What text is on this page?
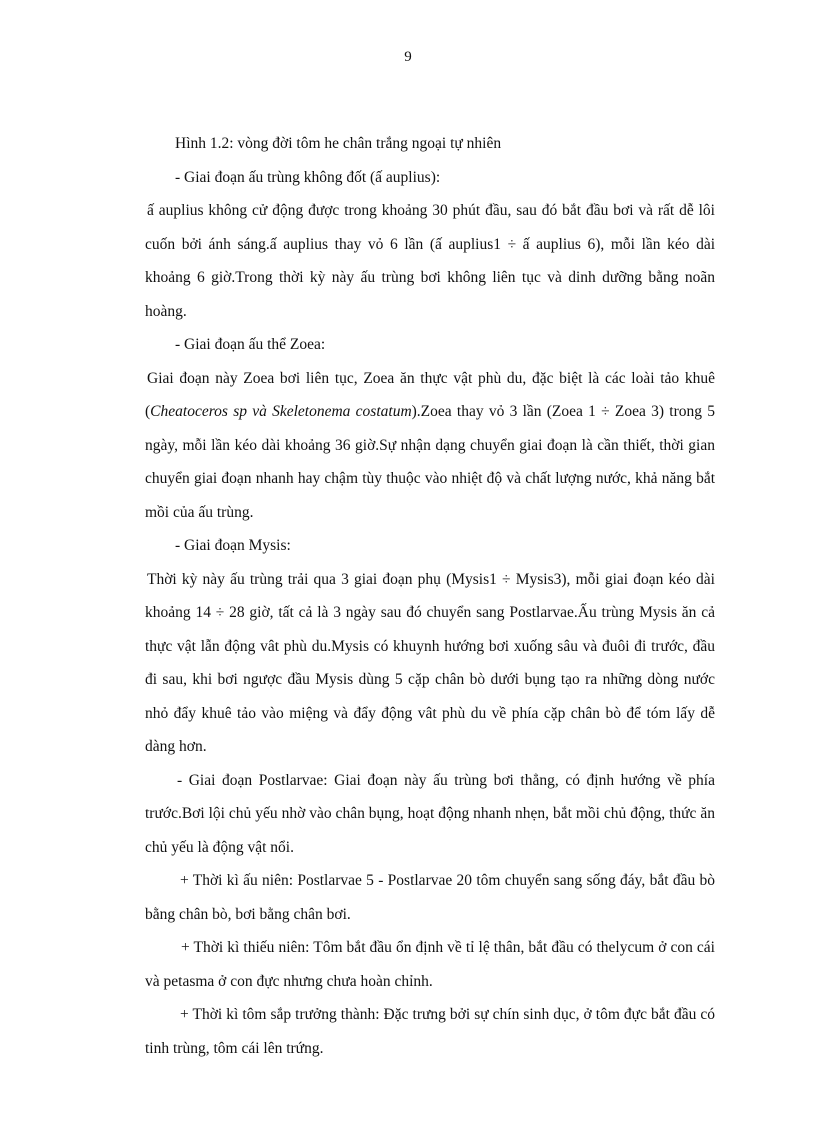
9

Hình 1.2: vòng đời tôm he chân trắng ngoại tự nhiên

- Giai đoạn ấu trùng không đốt (ấ auplius):

ấ auplius không cử động được trong khoảng 30 phút đầu, sau đó bắt đầu bơi và rất dễ lôi cuốn bởi ánh sáng.ấ auplius thay vỏ 6 lần (ấ auplius1 ÷ ấ auplius 6), mỗi lần kéo dài khoảng 6 giờ.Trong thời kỳ này ấu trùng bơi không liên tục và dinh dưỡng bằng noãn hoàng.

- Giai đoạn ấu thể Zoea:

Giai đoạn này Zoea bơi liên tục, Zoea ăn thực vật phù du, đặc biệt là các loài tảo khuê (Cheatoceros sp và Skeletonema costatum).Zoea thay vỏ 3 lần (Zoea 1 ÷ Zoea 3) trong 5 ngày, mỗi lần kéo dài khoảng 36 giờ.Sự nhận dạng chuyển giai đoạn là cần thiết, thời gian chuyển giai đoạn nhanh hay chậm tùy thuộc vào nhiệt độ và chất lượng nước, khả năng bắt mồi của ấu trùng.

- Giai đoạn Mysis:

Thời kỳ này ấu trùng trải qua 3 giai đoạn phụ (Mysis1 ÷ Mysis3), mỗi giai đoạn kéo dài khoảng 14 ÷ 28 giờ, tất cả là 3 ngày sau đó chuyển sang Postlarvae.Ấu trùng Mysis ăn cả thực vật lẫn động vât phù du.Mysis có khuynh hướng bơi xuống sâu và đuôi đi trước, đầu đi sau, khi bơi ngược đầu Mysis dùng 5 cặp chân bò dưới bụng tạo ra những dòng nước nhỏ đẩy khuê tảo vào miệng và đẩy động vât phù du về phía cặp chân bò để tóm lấy dễ dàng hơn.

- Giai đoạn Postlarvae: Giai đoạn này ấu trùng bơi thẳng, có định hướng về phía trước.Bơi lội chủ yếu nhờ vào chân bụng, hoạt động nhanh nhẹn, bắt mồi chủ động, thức ăn chủ yếu là động vật nổi.

+ Thời kì ấu niên: Postlarvae 5 - Postlarvae 20 tôm chuyển sang sống đáy, bắt đầu bò bằng chân bò, bơi bằng chân bơi.

+ Thời kì thiếu niên: Tôm bắt đầu ổn định về tỉ lệ thân, bắt đầu có thelycum ở con cái và petasma ở con đực nhưng chưa hoàn chỉnh.

+ Thời kì tôm sắp trưởng thành: Đặc trưng bởi sự chín sinh dục, ở tôm đực bắt đầu có tinh trùng, tôm cái lên trứng.
